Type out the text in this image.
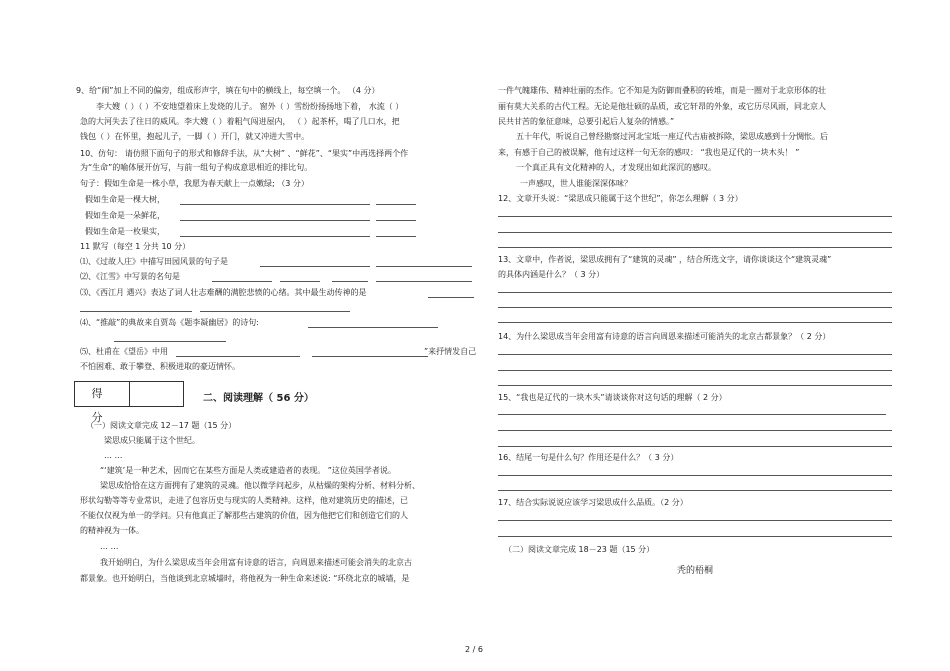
9、给“闹”加上不同的偏旁，组成形声字，填在句中的横线上，每空填一个。 （4 分）
李大嫂（ ）（ ）不安地望着床上发烧的儿子。 窗外（ ）雪纷纷扬扬地下着， 水流（ ）
急的大河失去了往日的威风。李大嫂（ ）着粗气闯进屋内， （ ）起茶杯，喝了几口水，把
钱包（ ）在怀里，抱起儿子，一脚（ ）开门，就又冲进大雪中。
10、仿句： 请仿照下面句子的形式和修辞手法，从“大树” 、“鲜花”、“果实”中再选择两个作
为“生命”的喻体展开仿写，与前一组句子构成意思相近的排比句。
句子：假如生命是一株小草，我愿为春天献上一点嫩绿; （3 分）
假如生命是一棵大树，
假如生命是一朵鲜花，
假如生命是一枚果实，
11 默写（每空 1 分共 10 分）
⑴、《过故人庄》中描写田园风景的句子是
⑵、《江雪》中写景的名句是
⑶、《西江月 遇兴》表达了词人壮志难酬的满腔悲愤的心绪。其中最生动传神的是
⑷、“推敲”的典故来自贾岛《题李凝幽居》的诗句:
⑸、杜甫在《望岳》中用	”来抒情发自己
不怕困难、敢于攀登、积极进取的豪迈情怀。
得 分
二、阅读理解（ 56 分）
（一）阅读文章完成 12－17 题（15 分）
梁思成只能属于这个世纪。
… …
“‘建筑’是一种艺术，因而它在某些方面是人类或建造者的表现。 ”这位英国学者说。
梁思成恰恰在这方面拥有了建筑的灵魂。他以微学问起步，从枯燥的架构分析、材料分析、
形状勾勒等等专业常识，走进了包容历史与现实的人类精神。这样，他对建筑历史的描述，已
不能仅仅视为单一的学问。只有他真正了解那些古建筑的价值，因为他把它们和创造它们的人
的精神视为一体。
… …
我开始明白，为什么梁思成当年会用富有诗意的语言，向周恩来描述可能会消失的北京古
都景象。也开始明白，当他谈到北京城墙时，将他视为一种生命来述说: “环绕北京的城墙，是
一件气魄雄伟、精神壮丽的杰作。它不知是为防御而叠积的砖堆，而是一圈对于北京形体的壮
丽有莫大关系的古代工程。无论是他壮硕的品质，或它轩昂的外象，或它历尽风雨，同北京人
民共甘苦的象征意味，总要引起后人复杂的情感。”
五十年代，听说自己曾经勘察过河北宝坻一座辽代古庙被拆除，梁思成感到十分惆怅。后
来，有感于自己的被误解，他有过这样一句无奈的感叹： “我也是辽代的一块木头！ ”
一个真正具有文化精神的人，才发现出如此深沉的感叹。
一声感叹，世人谁能深深体味？
12、文章开头说：“梁思成只能属于这个世纪”，你怎么理解（ 3 分）
13、文章中，作者说，梁思成拥有了“建筑的灵魂” ，结合所选文字，请你谈谈这个“建筑灵魂”
的具体内涵是什么？（ 3 分）
14、为什么梁思成当年会用富有诗意的语言向周恩来描述可能消失的北京古都景象？（ 2 分）
15、“我也是辽代的一块木头”请谈谈你对这句话的理解（ 2 分）
16、结尾一句是什么句？作用还是什么？（ 3 分）
17、结合实际说说应该学习梁思成什么品质。（2 分）
（二）阅读文章完成 18－23 题（15 分）
秃的梧桐
2 / 6
